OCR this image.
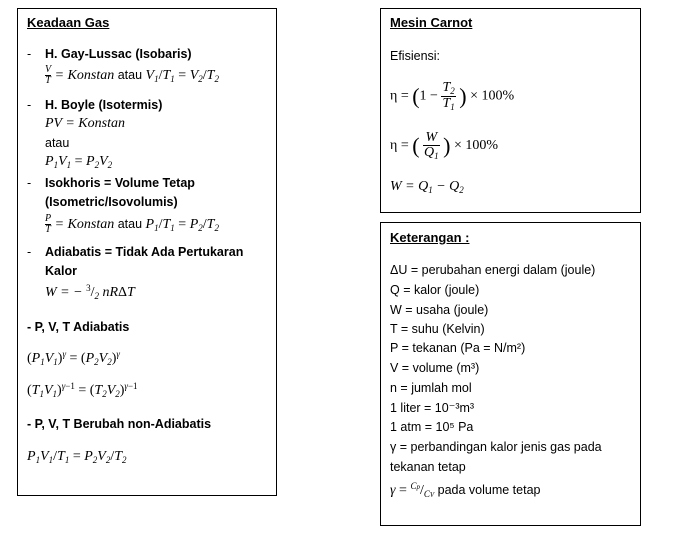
Keadaan Gas
- H. Gay-Lussac (Isobaris)
$\frac{V}{T}$ = Konstan atau $V_1/T_1 = V_2/T_2$
- H. Boyle (Isotermis)
PV = Konstan
atau
$P_1V_1 = P_2V_2$
- Isokhoris = Volume Tetap
(Isometric/Isovolumis)
$\frac{P}{T}$ = Konstan atau $P_1/T_1 = P_2/T_2$
- Adiabatis = Tidak Ada Pertukaran
Kalor
W = − $^3/_2$ nRΔT
- P, V, T Adiabatis
$(P_1V_1)^\gamma = (P_2V_2)^\gamma$
$(T_1V_1)^{\gamma-1} = (T_2V_2)^{\gamma-1}$
- P, V, T Berubah non-Adiabatis
$P_1V_1/T_1 = P_2V_2/T_2$
Mesin Carnot
Efisiensi:
$\eta = (1 - \frac{T_2}{T_1}$ ) × 100%
η = ( $\frac{W}{Q_1}$ ) × 100%
$W = Q_1 - Q_2$
Keterangan :
ΔU = perubahan energi dalam (joule)
Q = kalor (joule)
W = usaha (joule)
T = suhu (Kelvin)
P = tekanan (Pa = N/m²)
V = volume (m³)
n = jumlah mol
1 liter = 10⁻³m³
1 atm = 10⁵ Pa
γ = perbandingan kalor jenis gas pada
tekanan tetap
$\gamma = ^{Cp}/_{CV}$ pada volume tetap
